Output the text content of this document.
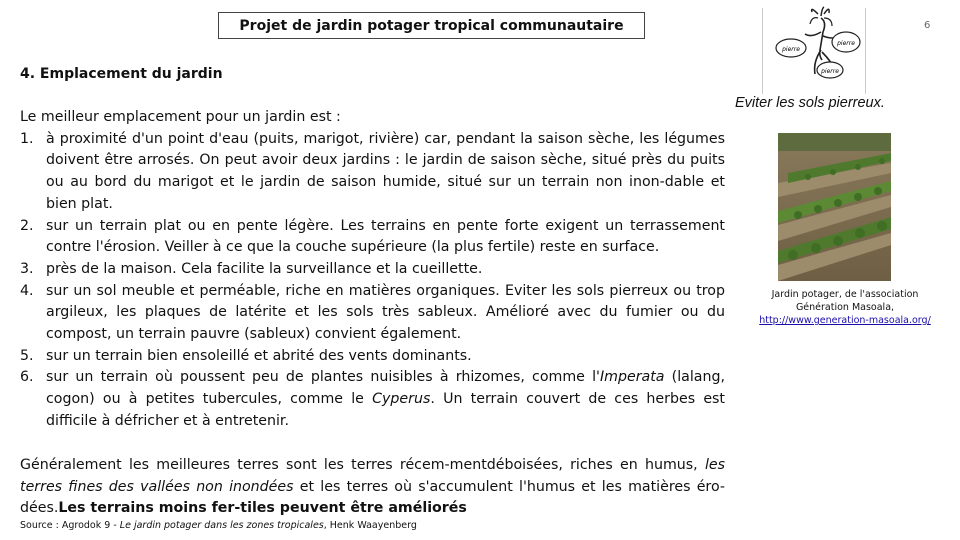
Projet de jardin potager tropical communautaire	6
4. Emplacement du jardin

Le meilleur emplacement pour un jardin est :

1. à proximité d'un point d'eau (puits, marigot, rivière) car, pendant la saison sèche, les légumes doivent être arrosés. On peut avoir deux jardins : le jardin de saison sèche, situé près du puits ou au bord du marigot et le jardin de saison humide, situé sur un terrain non inon-dable et bien plat.
2. sur un terrain plat ou en pente légère. Les terrains en pente forte exigent un terrassement contre l'érosion. Veiller à ce que la couche supérieure (la plus fertile) reste en surface.
3. près de la maison. Cela facilite la surveillance et la cueillette.
4. sur un sol meuble et perméable, riche en matières organiques. Eviter les sols pierreux ou trop argileux, les plaques de latérite et les sols très sableux. Amélioré avec du fumier ou du compost, un terrain pauvre (sableux) convient également.
5. sur un terrain bien ensoleillé et abrité des vents dominants.
6. sur un terrain où poussent peu de plantes nuisibles à rhizomes, comme l'Imperata (lalang, cogon) ou à petites tubercules, comme le Cyperus. Un terrain couvert de ces herbes est difficile à défricher et à entretenir.
Généralement les meilleures terres sont les terres récem-mentdéboisées, riches en humus, les terres fines des vallées non inondées et les terres où s'accumulent l'humus et les matières éro-dées.Les terrains moins fer-tiles peuvent être améliorés
Source : Agrodok 9 - Le jardin potager dans les zones tropicales, Henk Waayenberg
pierre
pierre
pierre
Eviter les sols pierreux.
Jardin potager, de l'association
Génération Masoala,
http://www.generation-masoala.org/
